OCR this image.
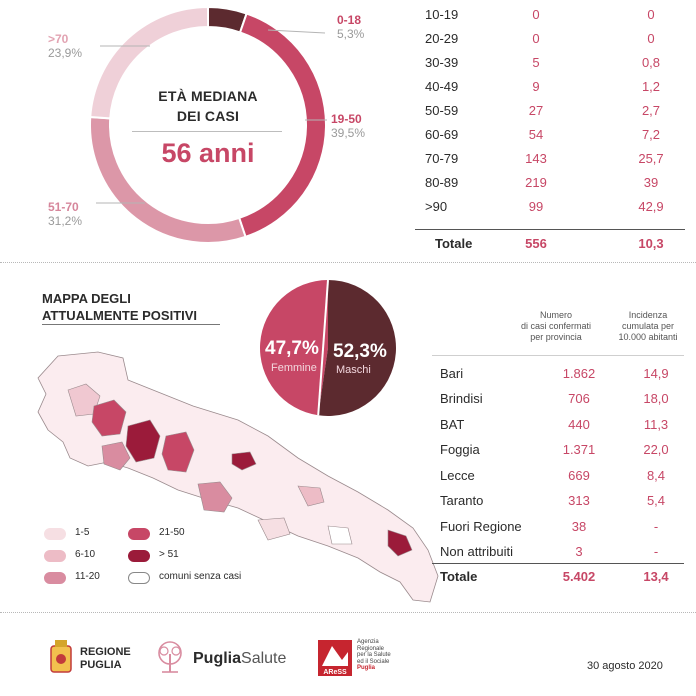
>70
23,9%
0-18
5,3%
19-50
39,5%
51-70
31,2%
ETÀ MEDIANA
DEI CASI
56 anni
10-19	0	0
20-29	0	0
30-39	5	0,8
40-49	9	1,2
50-59	27	2,7
60-69	54	7,2
70-79	143	25,7
80-89	219	39
>90	99	42,9
Totale	556	10,3
MAPPA DEGLI
ATTUALMENTE POSITIVI
47,7%
Femmine
52,3%
Maschi
Numero
di casi confermati
per provincia
Incidenza
cumulata per
10.000 abitanti
Bari	1.862	14,9
Brindisi	706	18,0
BAT	440	11,3
Foggia	1.371	22,0
Lecce	669	8,4
Taranto	313	5,4
Fuori Regione	38	-
Non attribuiti	3	-
Totale	5.402	13,4
1-5
6-10
11-20
21-50
> 51
comuni senza casi
REGIONE
PUGLIA	PugliaSalute
AReSS
Agenzia
Regionale
per la Salute
ed il Sociale
Puglia	30 agosto 2020
